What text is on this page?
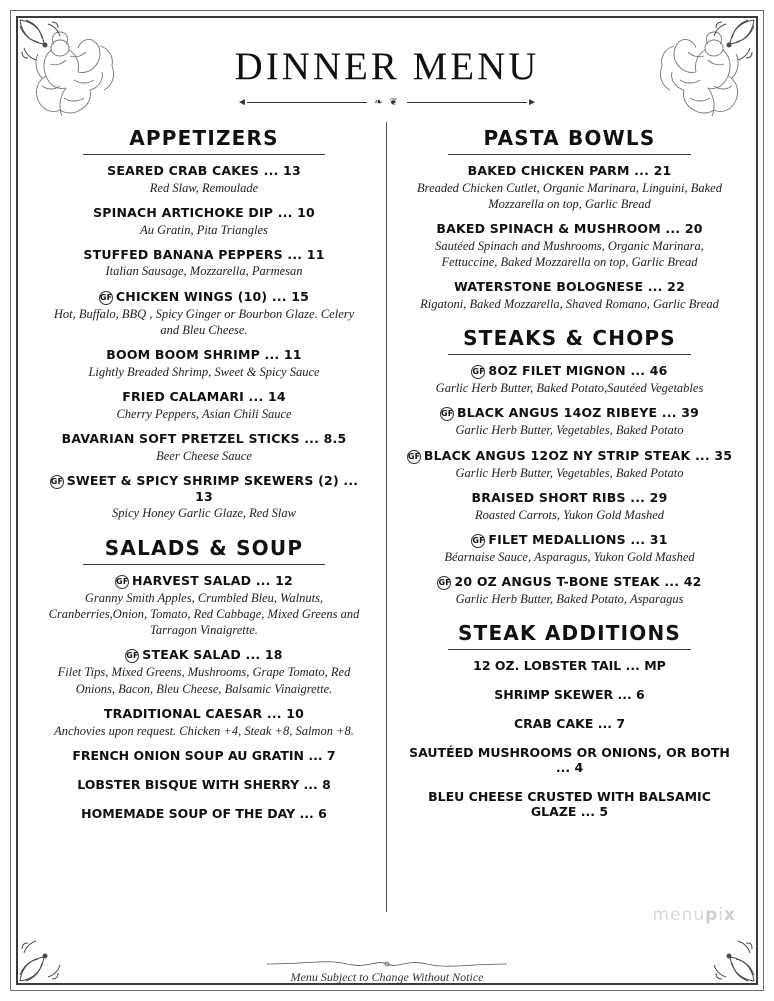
DINNER MENU
◄	❧ ❦	►
APPETIZERS
SEARED CRAB CAKES ... 13
Red Slaw, Remoulade
SPINACH ARTICHOKE DIP ... 10
Au Gratin, Pita Triangles
STUFFED BANANA PEPPERS ... 11
Italian Sausage, Mozzarella, Parmesan
GF CHICKEN WINGS (10) ... 15
Hot, Buffalo, BBQ , Spicy Ginger or Bourbon Glaze. Celery and Bleu Cheese.
BOOM BOOM SHRIMP ... 11
Lightly Breaded Shrimp, Sweet & Spicy Sauce
FRIED CALAMARI ... 14
Cherry Peppers, Asian Chili Sauce
BAVARIAN SOFT PRETZEL STICKS ... 8.5
Beer Cheese Sauce
GF SWEET & SPICY SHRIMP SKEWERS (2) ... 13
Spicy Honey Garlic Glaze, Red Slaw
SALADS & SOUP
GF HARVEST SALAD ... 12
Granny Smith Apples, Crumbled Bleu, Walnuts, Cranberries,Onion, Tomato, Red Cabbage, Mixed Greens and Tarragon Vinaigrette.
GF STEAK SALAD ... 18
Filet Tips, Mixed Greens, Mushrooms, Grape Tomato, Red Onions, Bacon, Bleu Cheese, Balsamic Vinaigrette.
TRADITIONAL CAESAR ... 10
Anchovies upon request. Chicken +4, Steak +8, Salmon +8.
FRENCH ONION SOUP AU GRATIN ... 7
LOBSTER BISQUE WITH SHERRY ... 8
HOMEMADE SOUP OF THE DAY ... 6
PASTA BOWLS
BAKED CHICKEN PARM ... 21
Breaded Chicken Cutlet, Organic Marinara, Linguini, Baked Mozzarella on top, Garlic Bread
BAKED SPINACH & MUSHROOM ... 20
Sautéed Spinach and Mushrooms, Organic Marinara, Fettuccine, Baked Mozzarella on top, Garlic Bread
WATERSTONE BOLOGNESE ... 22
Rigatoni, Baked Mozzarella, Shaved Romano, Garlic Bread
STEAKS & CHOPS
GF 8OZ FILET MIGNON ... 46
Garlic Herb Butter, Baked Potato,Sautéed Vegetables
GF BLACK ANGUS 14OZ RIBEYE ... 39
Garlic Herb Butter, Vegetables, Baked Potato
GF BLACK ANGUS 12OZ NY STRIP STEAK ... 35
Garlic Herb Butter, Vegetables, Baked Potato
BRAISED SHORT RIBS ... 29
Roasted Carrots, Yukon Gold Mashed
GF FILET MEDALLIONS ... 31
Béarnaise Sauce, Asparagus, Yukon Gold Mashed
GF 20 OZ ANGUS T-BONE STEAK ... 42
Garlic Herb Butter, Baked Potato, Asparagus
STEAK ADDITIONS
12 OZ. LOBSTER TAIL ... MP
SHRIMP SKEWER ... 6
CRAB CAKE ... 7
SAUTÉED MUSHROOMS OR ONIONS, OR BOTH ... 4
BLEU CHEESE CRUSTED WITH BALSAMIC GLAZE ... 5
menupix
Menu Subject to Change Without Notice
